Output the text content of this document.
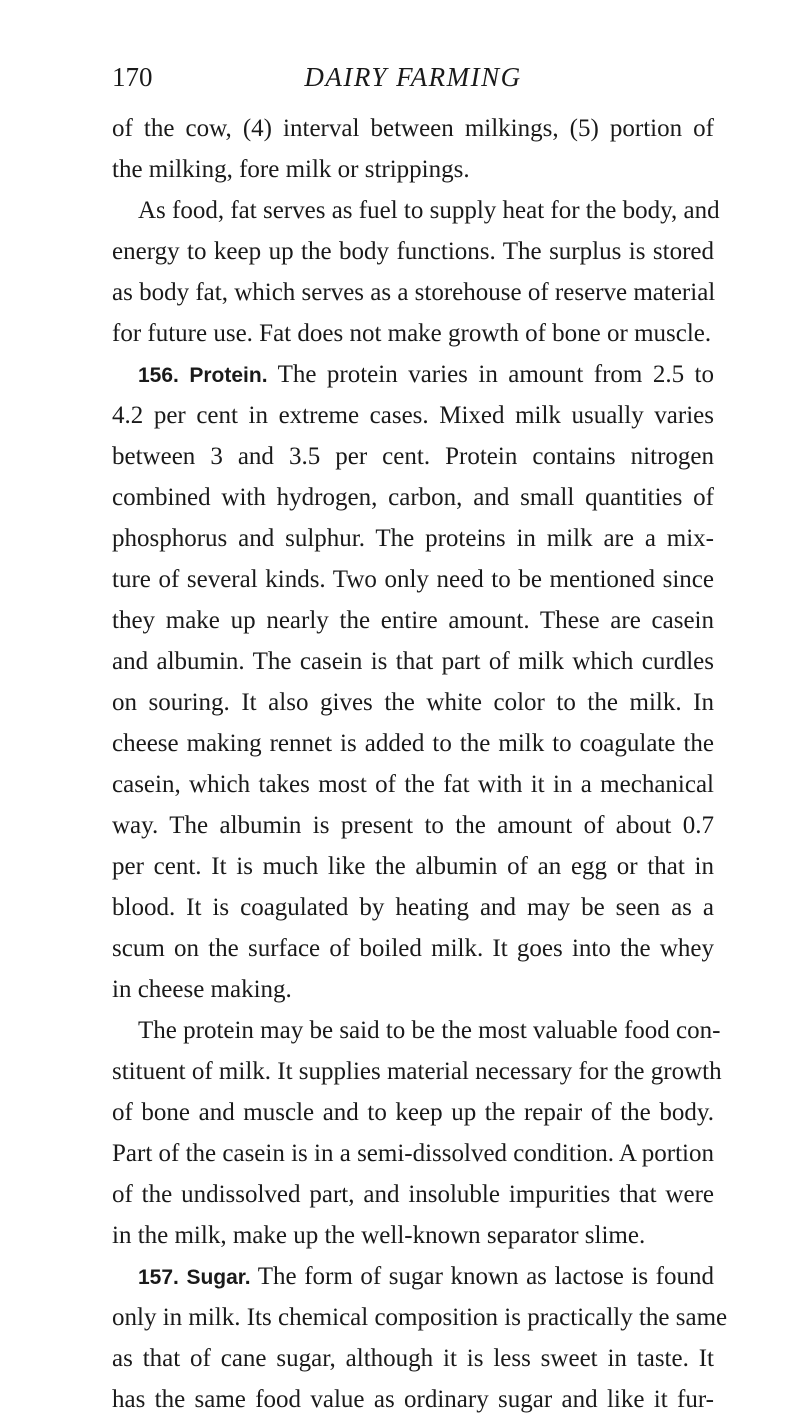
170	DAIRY FARMING
of the cow, (4) interval between milkings, (5) portion of
the milking, fore milk or strippings.
As food, fat serves as fuel to supply heat for the body, and
energy to keep up the body functions. The surplus is stored
as body fat, which serves as a storehouse of reserve material
for future use. Fat does not make growth of bone or muscle.
156. Protein. The protein varies in amount from 2.5 to
4.2 per cent in extreme cases. Mixed milk usually varies
between 3 and 3.5 per cent. Protein contains nitrogen
combined with hydrogen, carbon, and small quantities of
phosphorus and sulphur. The proteins in milk are a mix-
ture of several kinds. Two only need to be mentioned since
they make up nearly the entire amount. These are casein
and albumin. The casein is that part of milk which curdles
on souring. It also gives the white color to the milk. In
cheese making rennet is added to the milk to coagulate the
casein, which takes most of the fat with it in a mechanical
way. The albumin is present to the amount of about 0.7
per cent. It is much like the albumin of an egg or that in
blood. It is coagulated by heating and may be seen as a
scum on the surface of boiled milk. It goes into the whey
in cheese making.
The protein may be said to be the most valuable food con-
stituent of milk. It supplies material necessary for the growth
of bone and muscle and to keep up the repair of the body.
Part of the casein is in a semi-dissolved condition. A portion
of the undissolved part, and insoluble impurities that were
in the milk, make up the well-known separator slime.
157. Sugar. The form of sugar known as lactose is found
only in milk. Its chemical composition is practically the same
as that of cane sugar, although it is less sweet in taste. It
has the same food value as ordinary sugar and like it fur-
